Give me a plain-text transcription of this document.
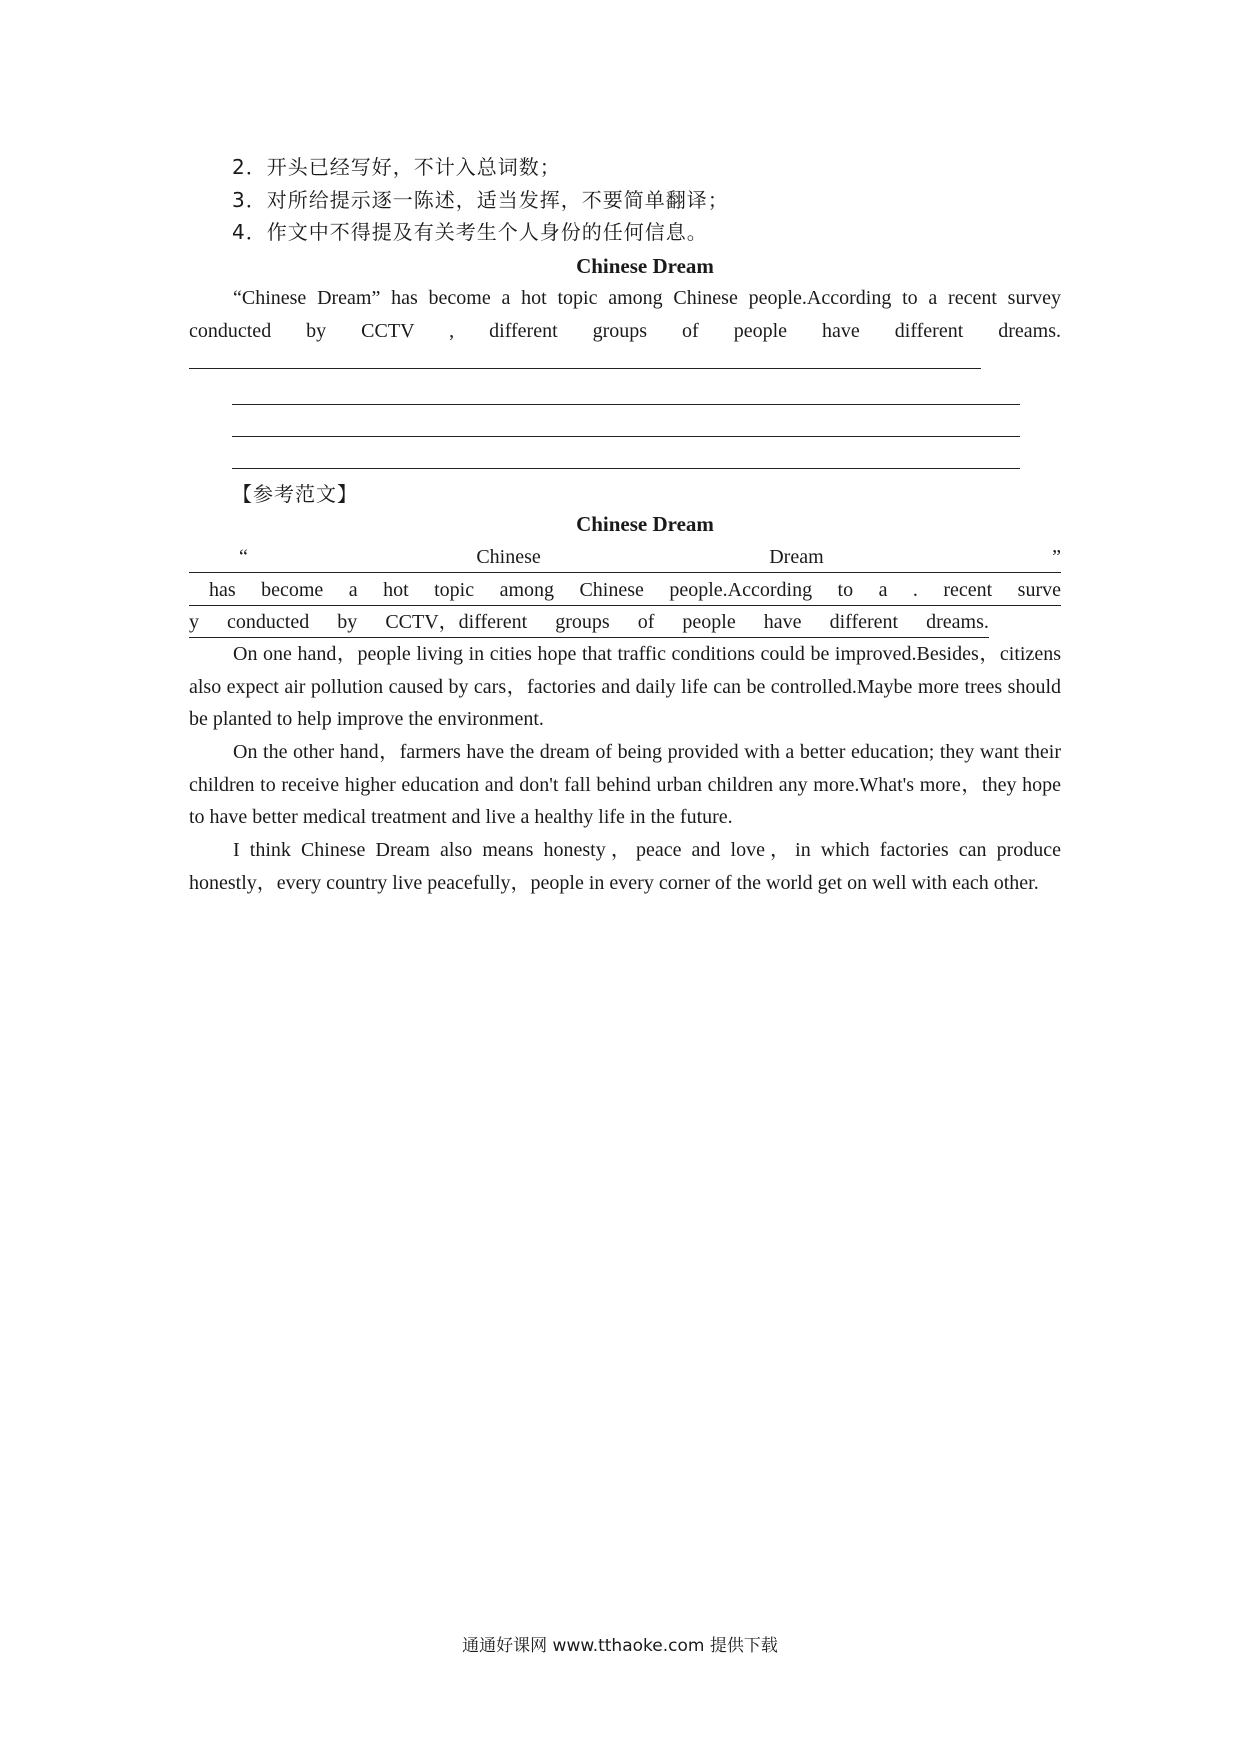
2．开头已经写好，不计入总词数；
3．对所给提示逐一陈述，适当发挥，不要简单翻译；
4．作文中不得提及有关考生个人身份的任何信息。
Chinese Dream
“Chinese Dream” has become a hot topic among Chinese people.According to a recent survey conducted by CCTV , different groups of people have different dreams.
【参考范文】
Chinese Dream
“	Chinese	Dream	”
has become a hot topic among Chinese people.According to a . recent surve
y conducted by CCTV，different groups of people have different dreams.
On one hand，people living in cities hope that traffic conditions could be improved.Besides，citizens also expect air pollution caused by cars，factories and daily life can be controlled.Maybe more trees should be planted to help improve the environment.
On the other hand，farmers have the dream of being provided with a better education; they want their children to receive higher education and don't fall behind urban children any more.What's more，they hope to have better medical treatment and live a healthy life in the future.
I think Chinese Dream also means honesty，peace and love，in which factories can produce honestly，every country live peacefully，people in every corner of the world get on well with each other.
通通好课网 www.tthaoke.com 提供下载
